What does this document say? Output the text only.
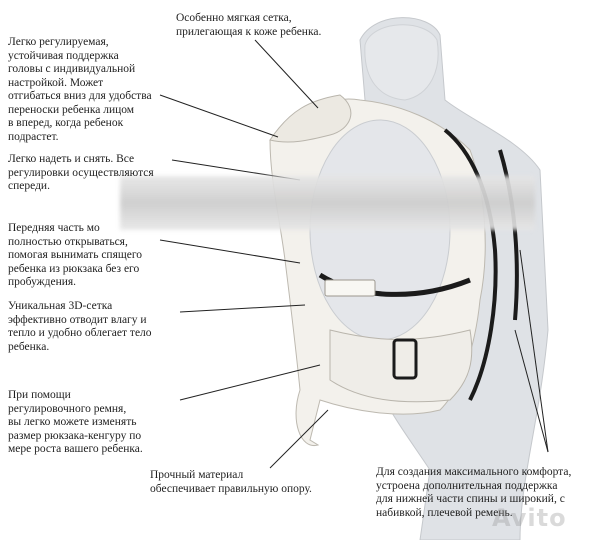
Особенно мягкая сетка,
прилегающая к коже ребенка.

Легко регулируемая,
устойчивая поддержка
головы с индивидуальной
настройкой. Может
отгибаться вниз для удобства
переноски ребенка лицом
в вперед, когда ребенок
подрастет.

Легко надеть и снять. Все
регулировки осуществляются
спереди.

Передняя часть мо
полностью открываться,
помогая вынимать спящего
ребенка из рюкзака без его
пробуждения.

Уникальная 3D-сетка
эффективно отводит влагу и
тепло и удобно облегает тело
ребенка.

При помощи
регулировочного ремня,
вы легко можете изменять
размер рюкзака-кенгуру по
мере роста вашего ребенка.

Прочный материал
обеспечивает правильную опору.

Для создания максимального комфорта,
устроена дополнительная поддержка
для нижней части спины и широкий, с
набивкой, плечевой ремень.

Avito
